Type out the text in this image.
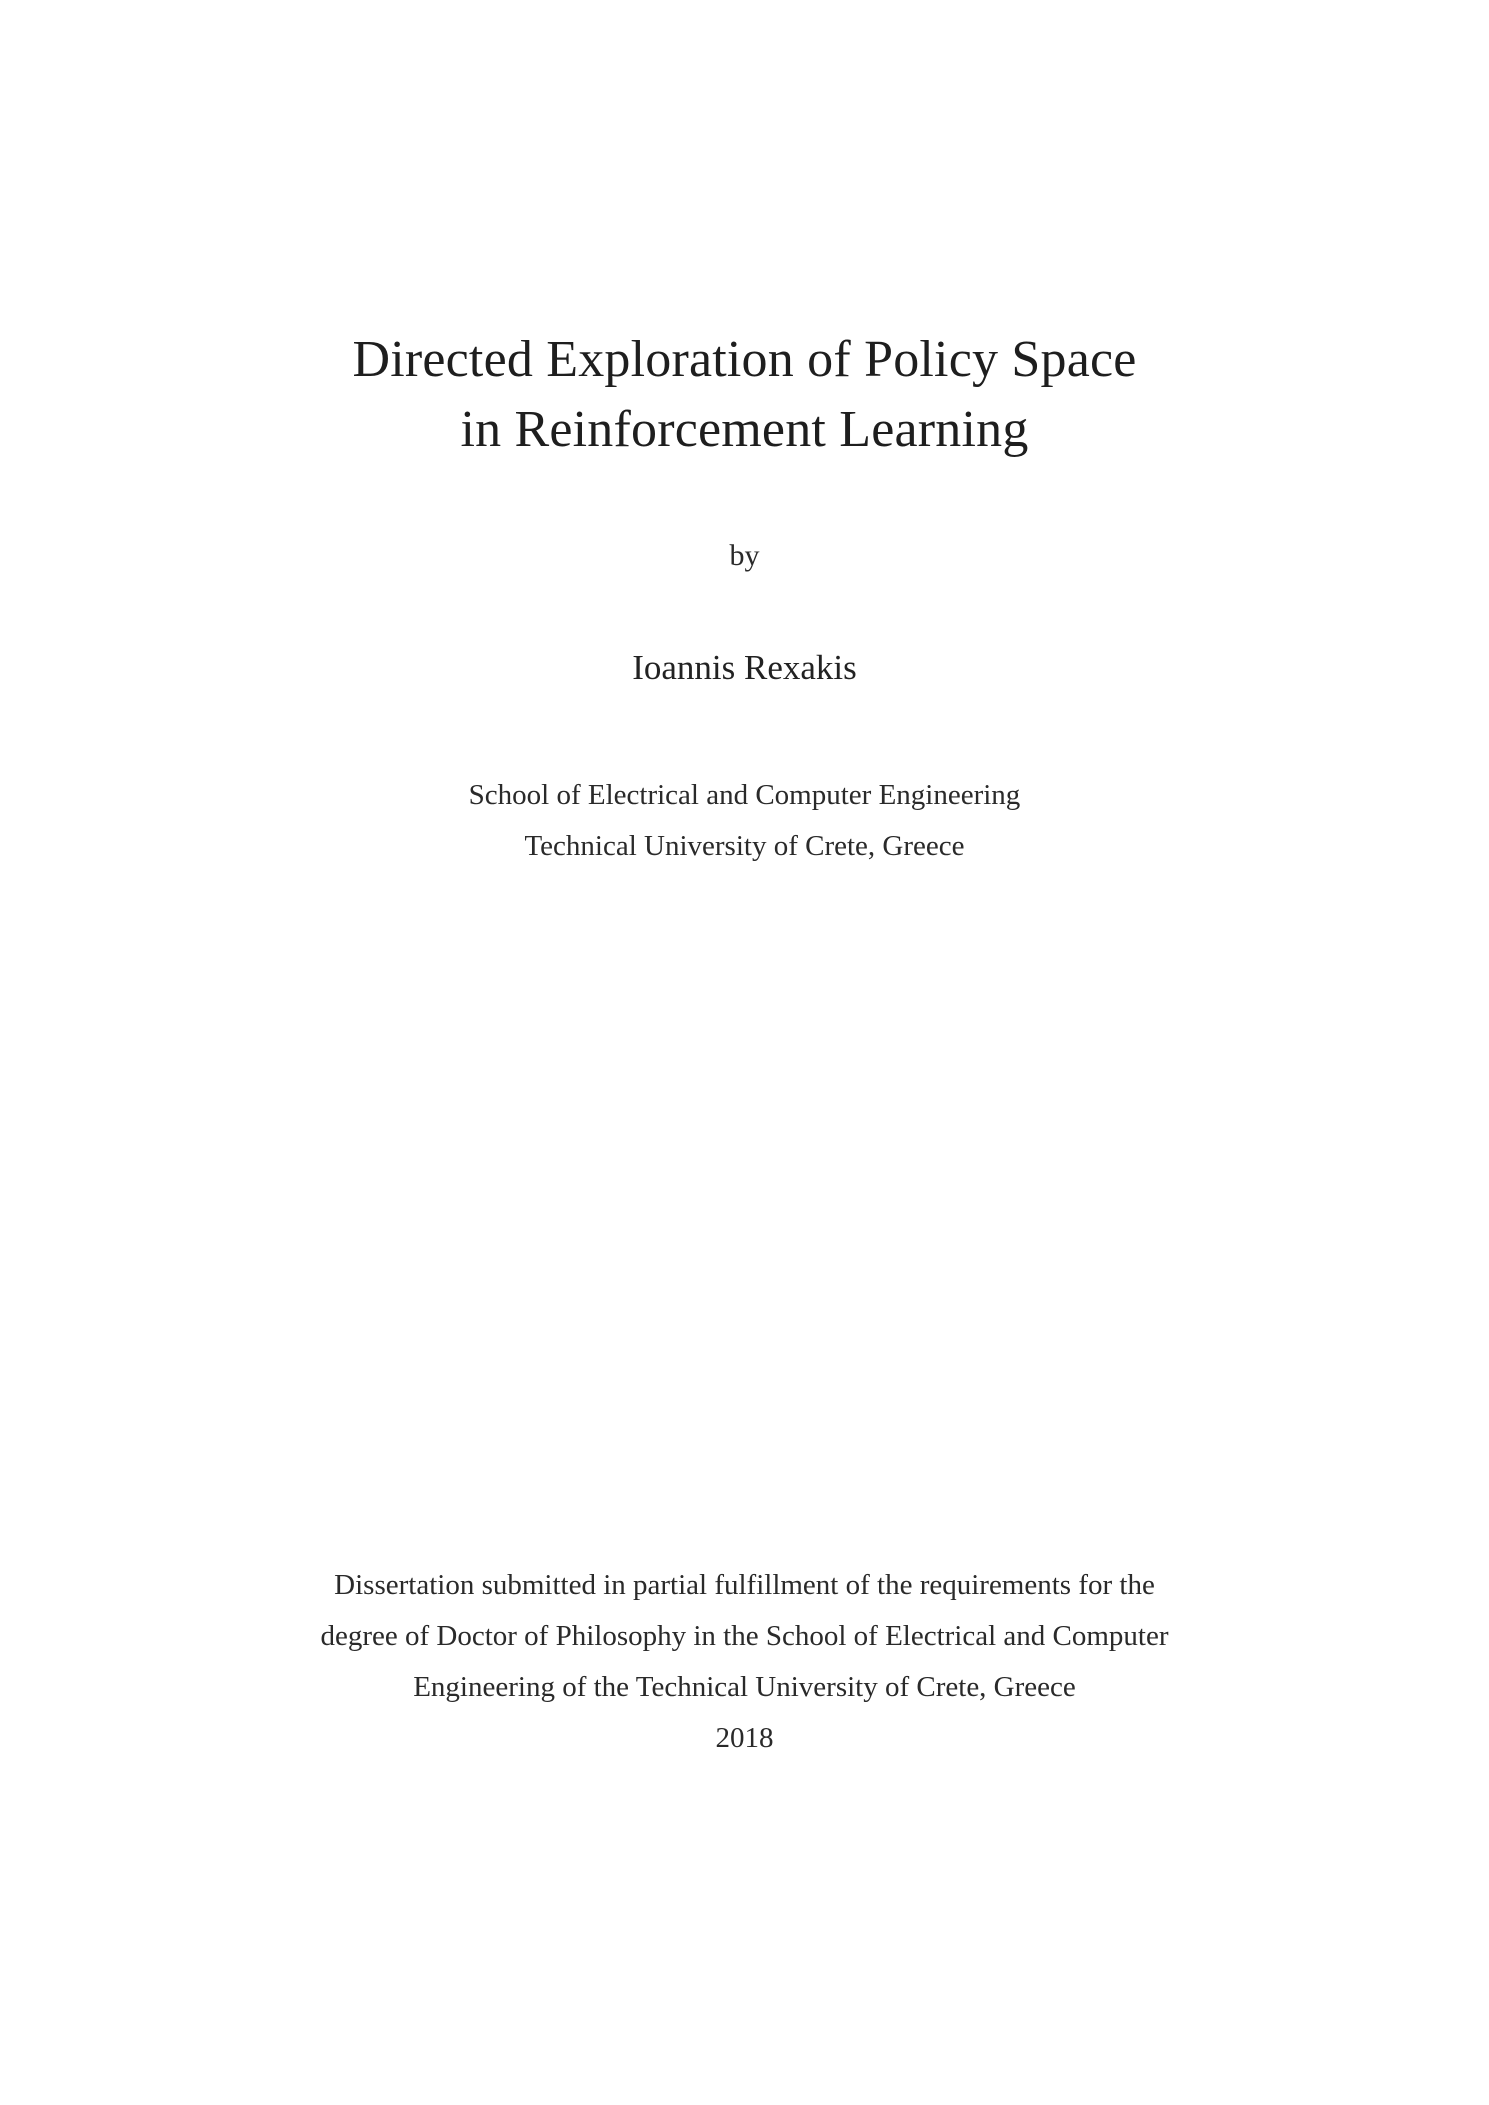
Directed Exploration of Policy Space
in Reinforcement Learning
by
Ioannis Rexakis
School of Electrical and Computer Engineering
Technical University of Crete, Greece
Dissertation submitted in partial fulfillment of the requirements for the
degree of Doctor of Philosophy in the School of Electrical and Computer
Engineering of the Technical University of Crete, Greece
2018
